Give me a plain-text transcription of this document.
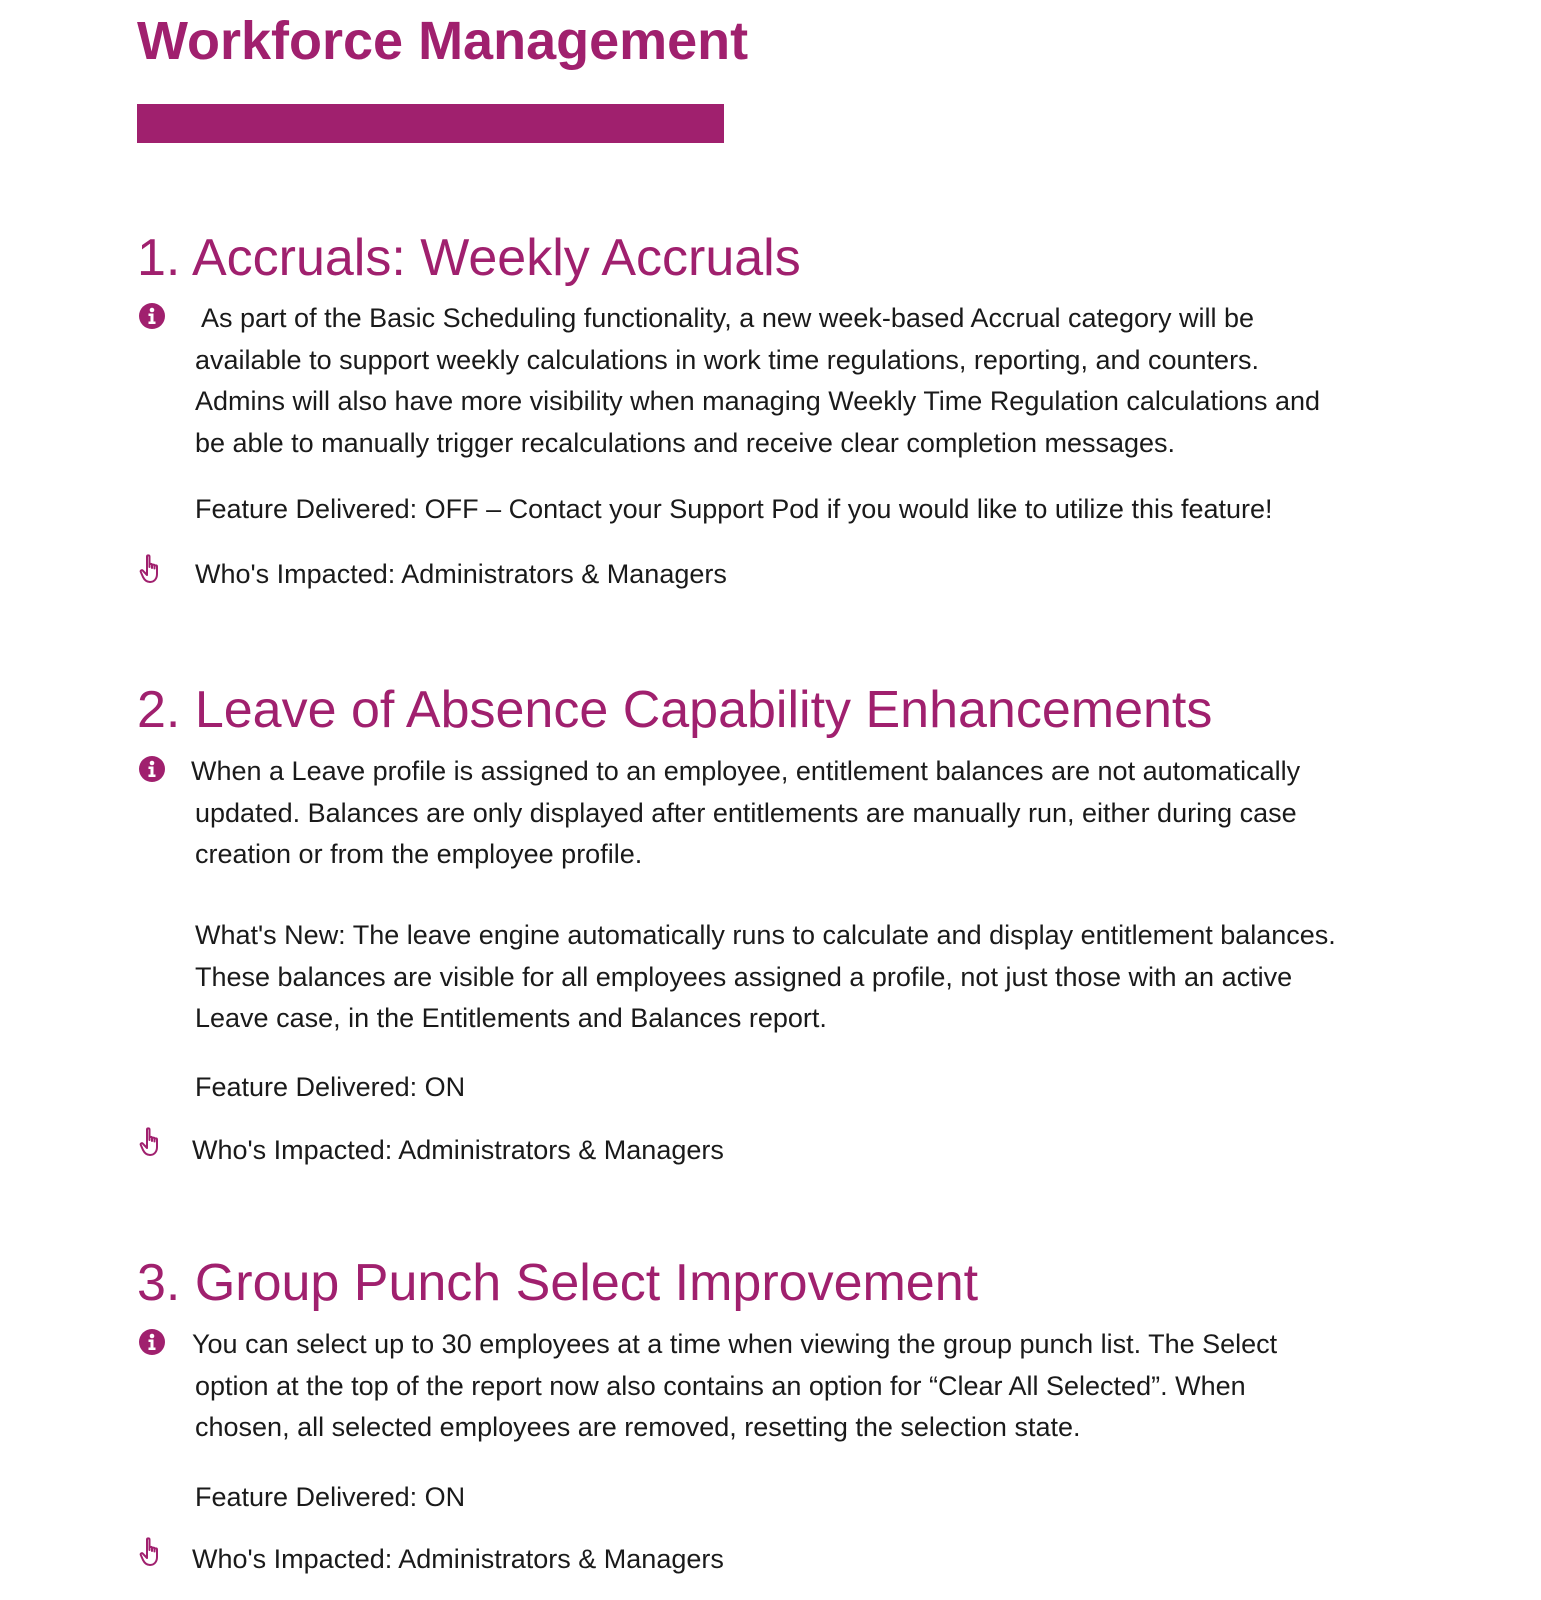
Workforce Management
1. Accruals: Weekly Accruals
As part of the Basic Scheduling functionality, a new week-based Accrual category will be
available to support weekly calculations in work time regulations, reporting, and counters.
Admins will also have more visibility when managing Weekly Time Regulation calculations and
be able to manually trigger recalculations and receive clear completion messages.
Feature Delivered: OFF – Contact your Support Pod if you would like to utilize this feature!
Who's Impacted: Administrators & Managers
2. Leave of Absence Capability Enhancements
When a Leave profile is assigned to an employee, entitlement balances are not automatically
updated. Balances are only displayed after entitlements are manually run, either during case
creation or from the employee profile.
What's New: The leave engine automatically runs to calculate and display entitlement balances.
These balances are visible for all employees assigned a profile, not just those with an active
Leave case, in the Entitlements and Balances report.
Feature Delivered: ON
Who's Impacted: Administrators & Managers
3. Group Punch Select Improvement
You can select up to 30 employees at a time when viewing the group punch list. The Select
option at the top of the report now also contains an option for “Clear All Selected”. When
chosen, all selected employees are removed, resetting the selection state.
Feature Delivered: ON
Who's Impacted: Administrators & Managers
